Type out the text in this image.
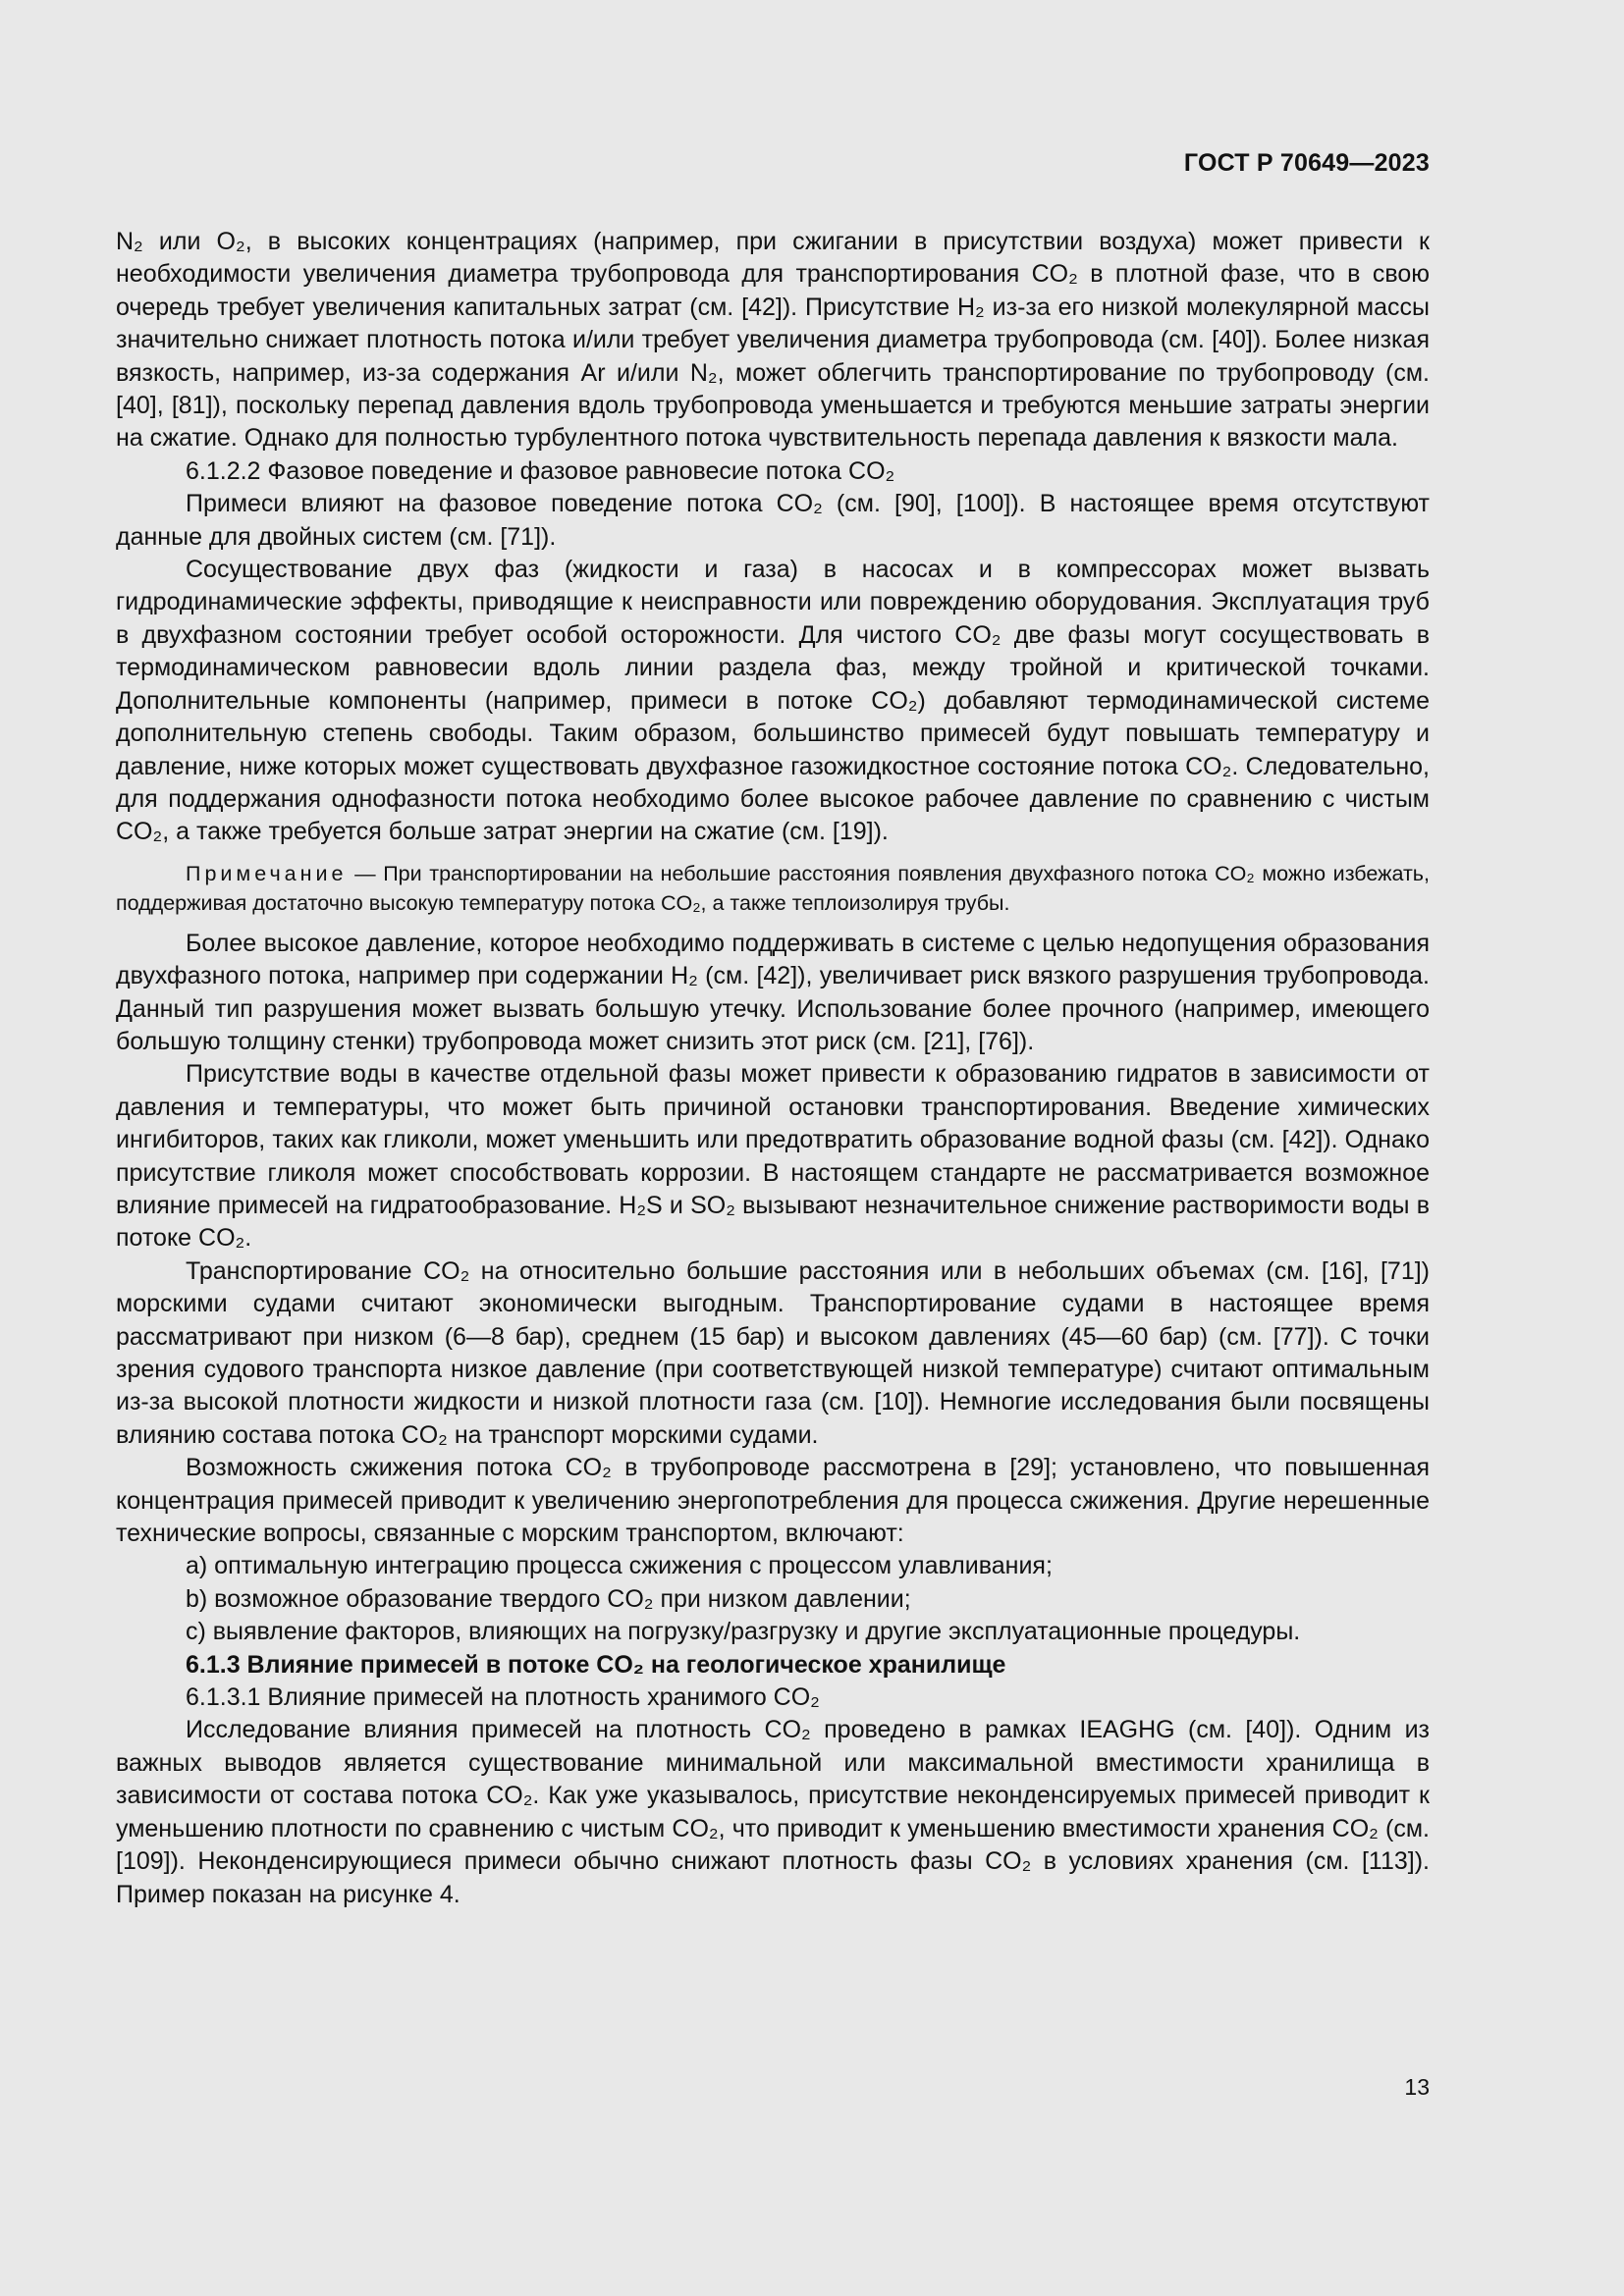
ГОСТ Р 70649—2023

N₂ или O₂, в высоких концентрациях (например, при сжигании в присутствии воздуха) может привести к необходимости увеличения диаметра трубопровода для транспортирования CO₂ в плотной фазе, что в свою очередь требует увеличения капитальных затрат (см. [42]). Присутствие H₂ из-за его низкой молекулярной массы значительно снижает плотность потока и/или требует увеличения диаметра трубопровода (см. [40]). Более низкая вязкость, например, из-за содержания Ar и/или N₂, может облегчить транспортирование по трубопроводу (см. [40], [81]), поскольку перепад давления вдоль трубопровода уменьшается и требуются меньшие затраты энергии на сжатие. Однако для полностью турбулентного потока чувствительность перепада давления к вязкости мала.

6.1.2.2 Фазовое поведение и фазовое равновесие потока CO₂

Примеси влияют на фазовое поведение потока CO₂ (см. [90], [100]). В настоящее время отсутствуют данные для двойных систем (см. [71]).

Сосуществование двух фаз (жидкости и газа) в насосах и в компрессорах может вызвать гидродинамические эффекты, приводящие к неисправности или повреждению оборудования. Эксплуатация труб в двухфазном состоянии требует особой осторожности. Для чистого CO₂ две фазы могут сосуществовать в термодинамическом равновесии вдоль линии раздела фаз, между тройной и критической точками. Дополнительные компоненты (например, примеси в потоке CO₂) добавляют термодинамической системе дополнительную степень свободы. Таким образом, большинство примесей будут повышать температуру и давление, ниже которых может существовать двухфазное газожидкостное состояние потока CO₂. Следовательно, для поддержания однофазности потока необходимо более высокое рабочее давление по сравнению с чистым CO₂, а также требуется больше затрат энергии на сжатие (см. [19]).

Примечание — При транспортировании на небольшие расстояния появления двухфазного потока CO₂ можно избежать, поддерживая достаточно высокую температуру потока CO₂, а также теплоизолируя трубы.

Более высокое давление, которое необходимо поддерживать в системе с целью недопущения образования двухфазного потока, например при содержании H₂ (см. [42]), увеличивает риск вязкого разрушения трубопровода. Данный тип разрушения может вызвать большую утечку. Использование более прочного (например, имеющего большую толщину стенки) трубопровода может снизить этот риск (см. [21], [76]).

Присутствие воды в качестве отдельной фазы может привести к образованию гидратов в зависимости от давления и температуры, что может быть причиной остановки транспортирования. Введение химических ингибиторов, таких как гликоли, может уменьшить или предотвратить образование водной фазы (см. [42]). Однако присутствие гликоля может способствовать коррозии. В настоящем стандарте не рассматривается возможное влияние примесей на гидратообразование. H₂S и SO₂ вызывают незначительное снижение растворимости воды в потоке CO₂.

Транспортирование CO₂ на относительно большие расстояния или в небольших объемах (см. [16], [71]) морскими судами считают экономически выгодным. Транспортирование судами в настоящее время рассматривают при низком (6—8 бар), среднем (15 бар) и высоком давлениях (45—60 бар) (см. [77]). С точки зрения судового транспорта низкое давление (при соответствующей низкой температуре) считают оптимальным из-за высокой плотности жидкости и низкой плотности газа (см. [10]). Немногие исследования были посвящены влиянию состава потока CO₂ на транспорт морскими судами.

Возможность сжижения потока CO₂ в трубопроводе рассмотрена в [29]; установлено, что повышенная концентрация примесей приводит к увеличению энергопотребления для процесса сжижения. Другие нерешенные технические вопросы, связанные с морским транспортом, включают:

a) оптимальную интеграцию процесса сжижения с процессом улавливания;

b) возможное образование твердого CO₂ при низком давлении;

c) выявление факторов, влияющих на погрузку/разгрузку и другие эксплуатационные процедуры.

6.1.3 Влияние примесей в потоке CO₂ на геологическое хранилище

6.1.3.1 Влияние примесей на плотность хранимого CO₂

Исследование влияния примесей на плотность CO₂ проведено в рамках IEAGHG (см. [40]). Одним из важных выводов является существование минимальной или максимальной вместимости хранилища в зависимости от состава потока CO₂. Как уже указывалось, присутствие неконденсируемых примесей приводит к уменьшению плотности по сравнению с чистым CO₂, что приводит к уменьшению вместимости хранения CO₂ (см. [109]). Неконденсирующиеся примеси обычно снижают плотность фазы CO₂ в условиях хранения (см. [113]). Пример показан на рисунке 4.

13
